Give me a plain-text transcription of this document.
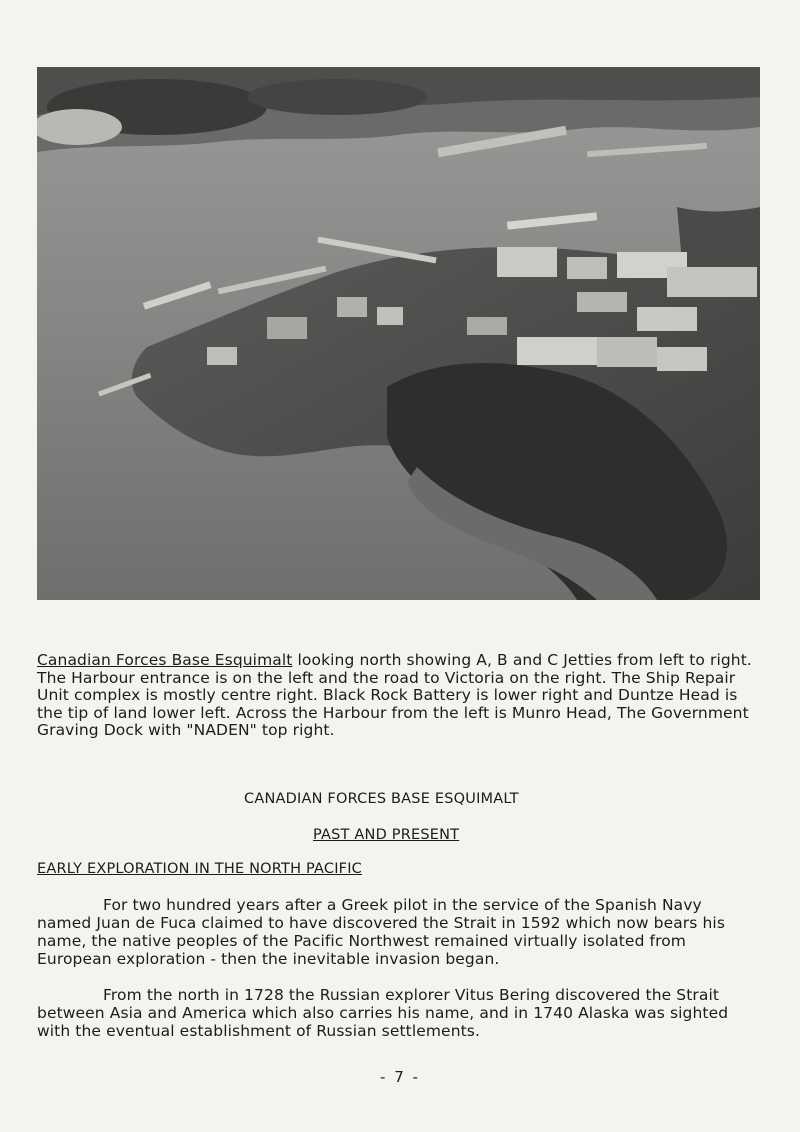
Canadian Forces Base Esquimalt looking north showing A, B and C Jetties from left to right. The Harbour entrance is on the left and the road to Victoria on the right. The Ship Repair Unit complex is mostly centre right. Black Rock Battery is lower right and Duntze Head is the tip of land lower left. Across the Harbour from the left is Munro Head, The Government Graving Dock with "NADEN" top right.
CANADIAN FORCES BASE ESQUIMALT
PAST AND PRESENT
EARLY EXPLORATION IN THE NORTH PACIFIC
For two hundred years after a Greek pilot in the service of the Spanish Navy named Juan de Fuca claimed to have discovered the Strait in 1592 which now bears his name, the native peoples of the Pacific Northwest remained virtually isolated from European exploration - then the inevitable invasion began.
From the north in 1728 the Russian explorer Vitus Bering discovered the Strait between Asia and America which also carries his name, and in 1740 Alaska was sighted with the eventual establishment of Russian settlements.
- 7 -
